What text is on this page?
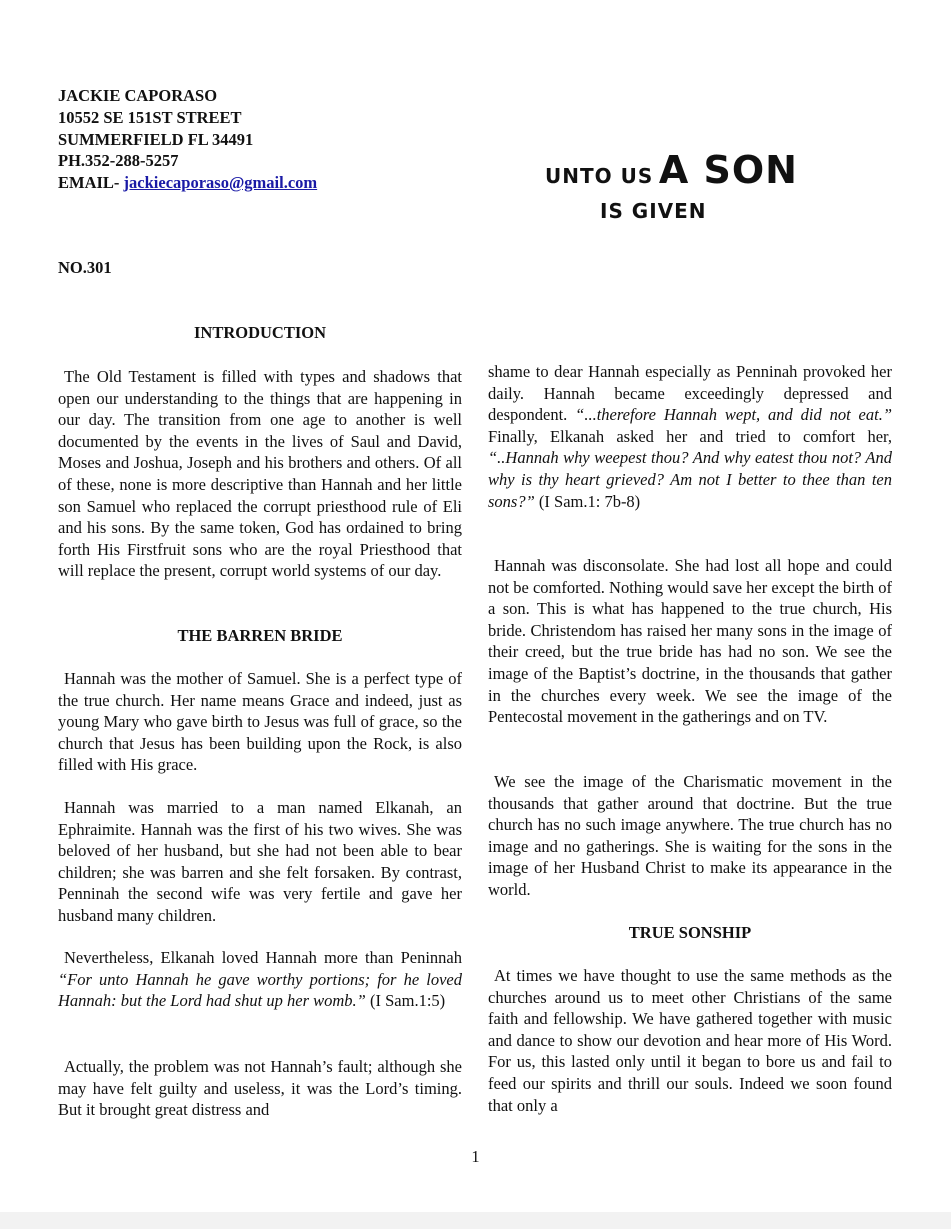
JACKIE CAPORASO
10552 SE 151ST STREET
SUMMERFIELD FL 34491
PH.352-288-5257
EMAIL- jackiecaporaso@gmail.com	UNTO US A SON
IS GIVEN
NO.301
INTRODUCTION
The Old Testament is filled with types and shadows that open our understanding to the things that are happening in our day. The transition from one age to another is well documented by the events in the lives of Saul and David, Moses and Joshua, Joseph and his brothers and others. Of all of these, none is more descriptive than Hannah and her little son Samuel who replaced the corrupt priesthood rule of Eli and his sons. By the same token, God has ordained to bring forth His Firstfruit sons who are the royal Priesthood that will replace the present, corrupt world systems of our day.
THE BARREN BRIDE
Hannah was the mother of Samuel. She is a perfect type of the true church. Her name means Grace and indeed, just as young Mary who gave birth to Jesus was full of grace, so the church that Jesus has been building upon the Rock, is also filled with His grace.
Hannah was married to a man named Elkanah, an Ephraimite. Hannah was the first of his two wives. She was beloved of her husband, but she had not been able to bear children; she was barren and she felt forsaken. By contrast, Penninah the second wife was very fertile and gave her husband many children.
Nevertheless, Elkanah loved Hannah more than Peninnah “For unto Hannah he gave worthy portions; for he loved Hannah: but the Lord had shut up her womb.” (I Sam.1:5)
Actually, the problem was not Hannah’s fault; although she may have felt guilty and useless, it was the Lord’s timing. But it brought great distress and
shame to dear Hannah especially as Penninah provoked her daily. Hannah became exceedingly depressed and despondent. “...therefore Hannah wept, and did not eat.” Finally, Elkanah asked her and tried to comfort her, “..Hannah why weepest thou? And why eatest thou not? And why is thy heart grieved? Am not I better to thee than ten sons?” (I Sam.1: 7b-8)
Hannah was disconsolate. She had lost all hope and could not be comforted. Nothing would save her except the birth of a son. This is what has happened to the true church, His bride. Christendom has raised her many sons in the image of their creed, but the true bride has had no son. We see the image of the Baptist’s doctrine, in the thousands that gather in the churches every week. We see the image of the Pentecostal movement in the gatherings and on TV.
We see the image of the Charismatic movement in the thousands that gather around that doctrine. But the true church has no such image anywhere. The true church has no image and no gatherings. She is waiting for the sons in the image of her Husband Christ to make its appearance in the world.
TRUE SONSHIP
At times we have thought to use the same methods as the churches around us to meet other Christians of the same faith and fellowship. We have gathered together with music and dance to show our devotion and hear more of His Word. For us, this lasted only until it began to bore us and fail to feed our spirits and thrill our souls. Indeed we soon found that only a
1
